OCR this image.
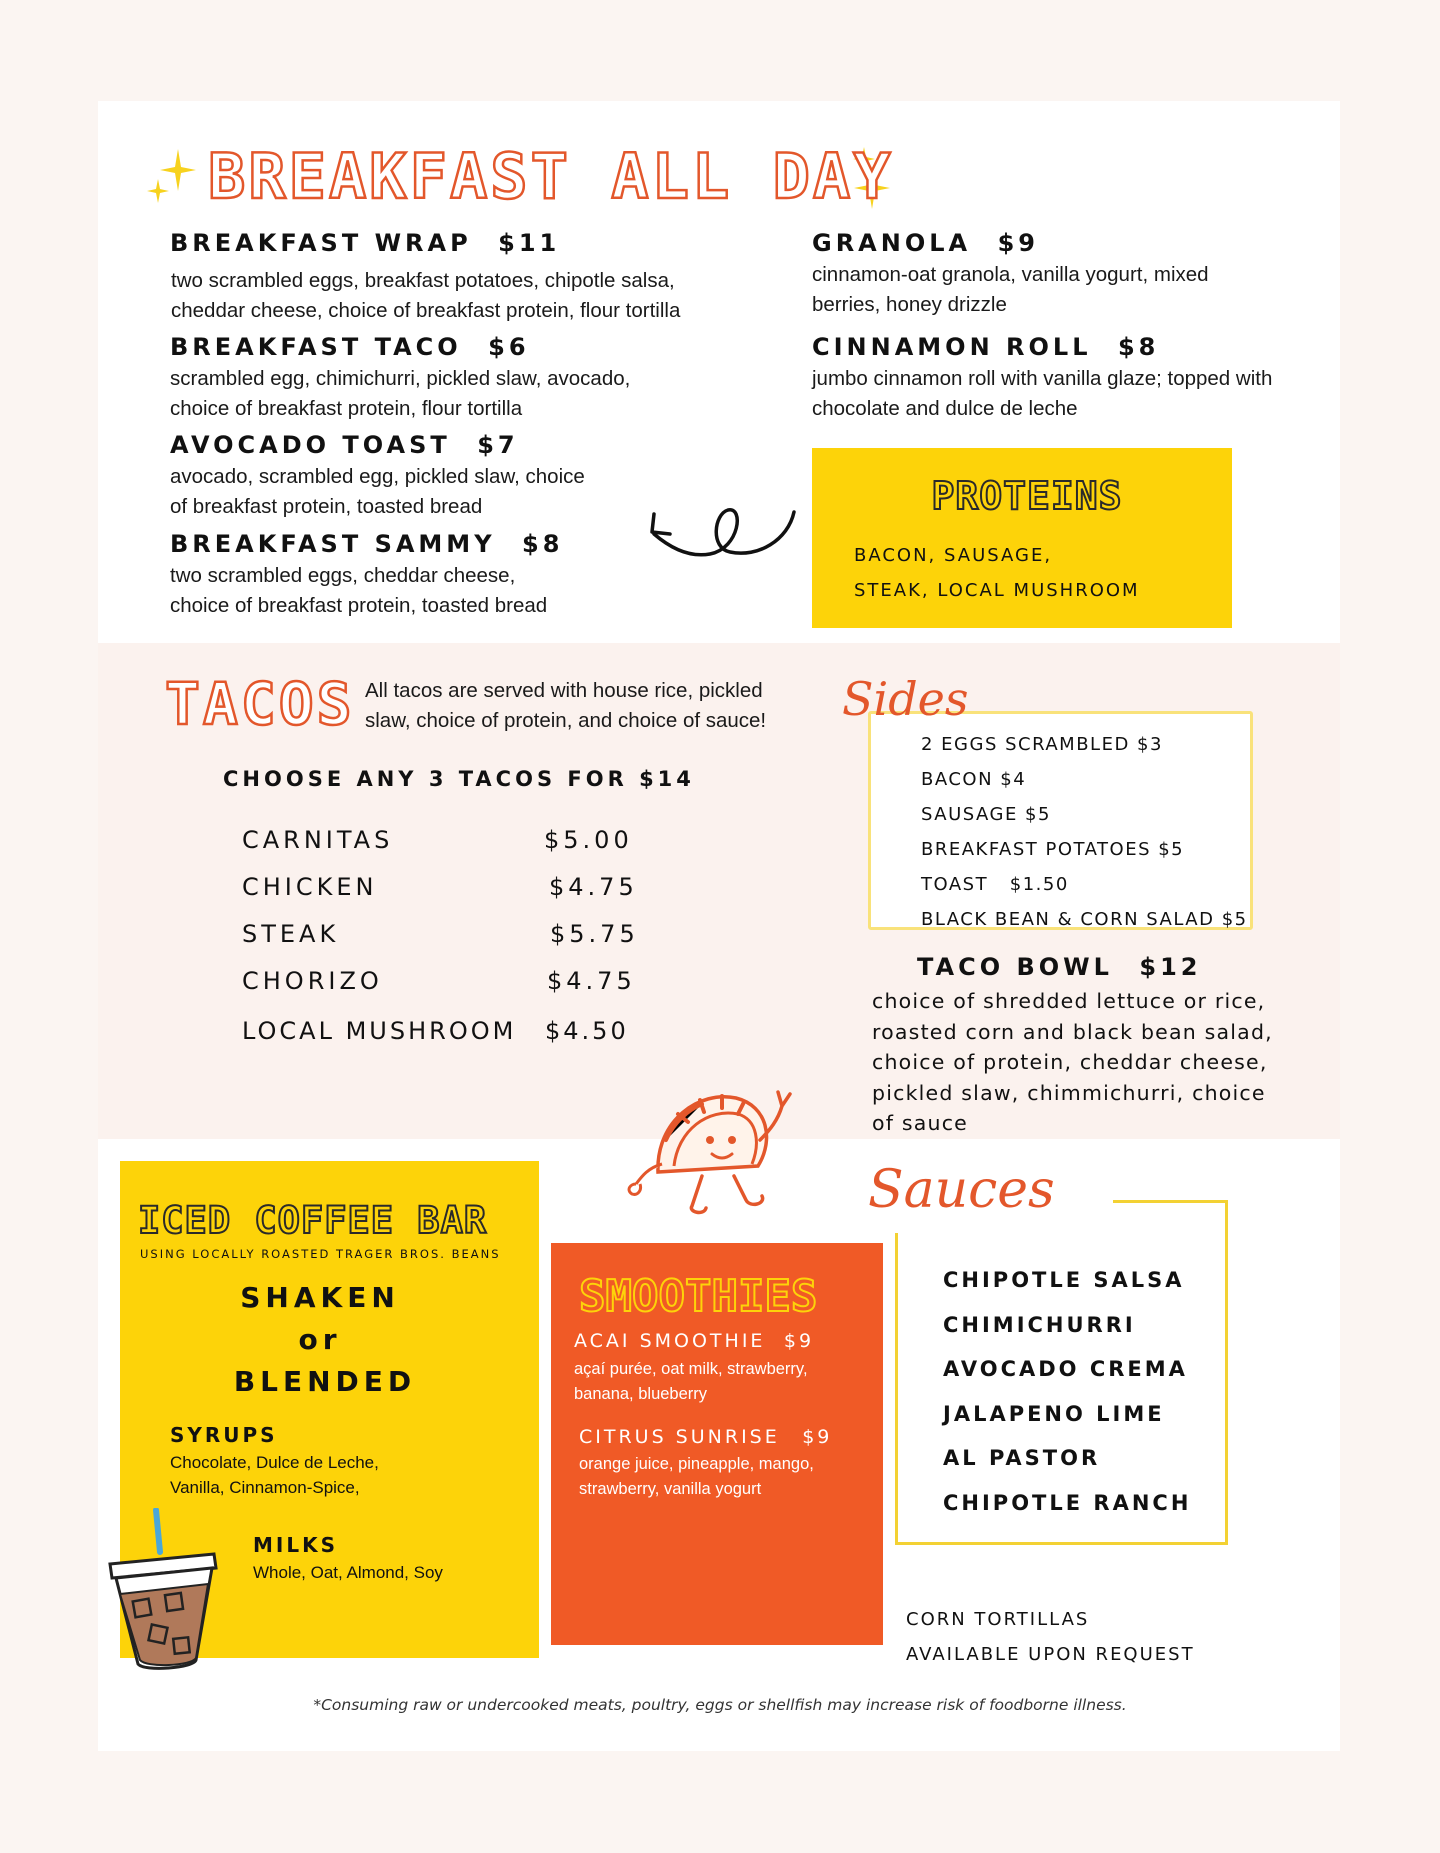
BREAKFAST ALL DAY
BREAKFAST WRAP $11
two scrambled eggs, breakfast potatoes, chipotle salsa,
cheddar cheese, choice of breakfast protein, flour tortilla
BREAKFAST TACO $6
scrambled egg, chimichurri, pickled slaw, avocado,
choice of breakfast protein, flour tortilla
AVOCADO TOAST $7
avocado, scrambled egg, pickled slaw, choice
of breakfast protein, toasted bread
BREAKFAST SAMMY $8
two scrambled eggs, cheddar cheese,
choice of breakfast protein, toasted bread
GRANOLA $9
cinnamon-oat granola, vanilla yogurt, mixed
berries, honey drizzle
CINNAMON ROLL $8
jumbo cinnamon roll with vanilla glaze; topped with
chocolate and dulce de leche
PROTEINS
BACON, SAUSAGE,
STEAK, LOCAL MUSHROOM
TACOS All tacos are served with house rice, pickled
slaw, choice of protein, and choice of sauce!
CHOOSE ANY 3 TACOS FOR $14
CARNITAS	$5.00
CHICKEN	$4.75
STEAK	$5.75
CHORIZO	$4.75
LOCAL MUSHROOM $4.50
Sides
2 EGGS SCRAMBLED $3
BACON $4
SAUSAGE $5
BREAKFAST POTATOES $5
TOAST   $1.50
BLACK BEAN & CORN SALAD $5
TACO BOWL $12
choice of shredded lettuce or rice,
roasted corn and black bean salad,
choice of protein, cheddar cheese,
pickled slaw, chimmichurri, choice
of sauce
ICED COFFEE BAR
USING LOCALLY ROASTED TRAGER BROS. BEANS
SHAKEN
or
BLENDED
SYRUPS
Chocolate, Dulce de Leche,
Vanilla, Cinnamon-Spice,
MILKS
Whole, Oat, Almond, Soy
SMOOTHIES
ACAI SMOOTHIE $9
açaí purée, oat milk, strawberry,
banana, blueberry
CITRUS SUNRISE $9
orange juice, pineapple, mango,
strawberry, vanilla yogurt
Sauces
CHIPOTLE SALSA
CHIMICHURRI
AVOCADO CREMA
JALAPENO LIME
AL PASTOR
CHIPOTLE RANCH
CORN TORTILLAS
AVAILABLE UPON REQUEST
*Consuming raw or undercooked meats, poultry, eggs or shellfish may increase risk of foodborne illness.
